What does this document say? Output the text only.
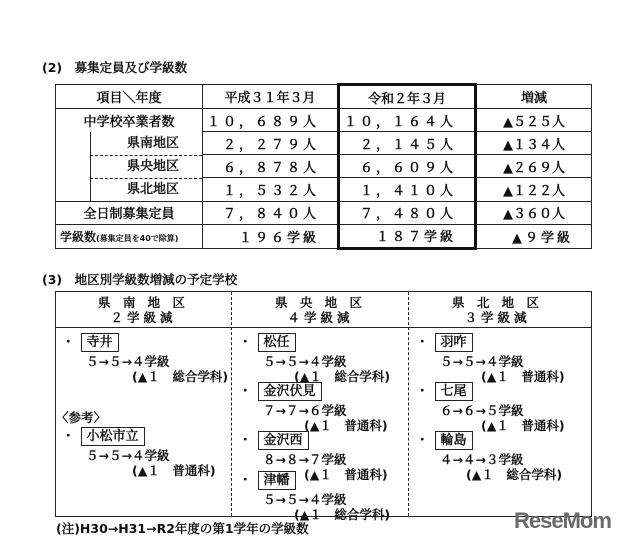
(2)　募集定員及び学級数
項目＼年度	平成３１年３月	令和２年３月	増減
中学校卒業者数	１０，６８９人	１０，１６４人	▲５２５人

県南地区	２，２７９人	２，１４５人	▲１３４人

県央地区	６，８７８人	６，６０９人	▲２６９人

県北地区	１，５３２人	１，４１０人	▲１２２人
全日制募集定員	７，８４０人	７，４８０人	▲３６０人
学級数(募集定員を40で除算)	１９６学級	１８７学級	▲９学級
(3)　地区別学級数増減の予定学校
県 南 地 区
２学級減
・ 寺井
５→５→４学級
(▲１　総合学科)
〈参考〉
・ 小松市立
５→５→４学級
(▲１　普通科)
県 央 地 区
４学級減
・ 松任
５→５→４学級
(▲１　総合学科)
・ 金沢伏見
７→７→６学級
(▲１　普通科)
・ 金沢西
８→８→７学級
(▲１　普通科)
・ 津幡
５→５→４学級
(▲１　総合学科)
県 北 地 区
３学級減
・ 羽咋
５→５→４学級
(▲１　普通科)
・ 七尾
６→６→５学級
(▲１　普通科)
・ 輪島
４→４→３学級
(▲１　総合学科)
(注)H30→H31→R2年度の第1学年の学級数	ReseMom
